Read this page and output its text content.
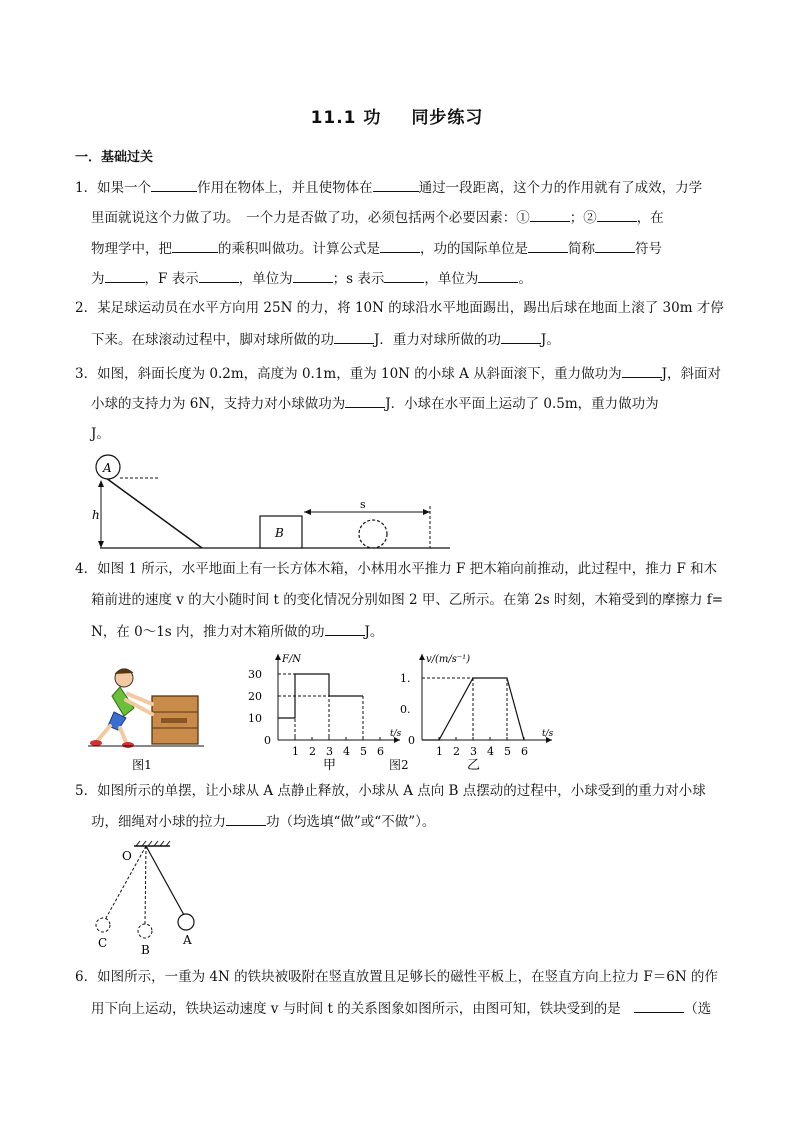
11.1 功 同步练习
一．基础过关
1．如果一个	作用在物体上，并且使物体在	通过一段距离，这个力的作用就有了成效，力学
里面就说这个力做了功。　一个力是否做了功，必须包括两个必要因素：①	；②	，在
物理学中，把	的乘积叫做功。计算公式是	，功的国际单位是	简称	符号
为	，F 表示	，单位为	；s 表示	，单位为	。
2．某足球运动员在水平方向用 25N 的力，将 10N 的球沿水平地面踢出，踢出后球在地面上滚了 30m 才停
下来。在球滚动过程中，脚对球所做的功	J．重力对球所做的功	J。
3．如图，斜面长度为 0.2m，高度为 0.1m，重为 10N 的小球 A 从斜面滚下，重力做功为	J，斜面对
小球的支持力为 6N，支持力对小球做功为	J．小球在水平面上运动了 0.5m，重力做功为
J。
A
h
B
s
4．如图 1 所示，水平地面上有一长方体木箱，小林用水平推力 F 把木箱向前推动，此过程中，推力 F 和木
箱前进的速度 v 的大小随时间 t 的变化情况分别如图 2 甲、乙所示。在第 2s 时刻，木箱受到的摩擦力 f=
N，在 0～1s 内，推力对木箱所做的功	J。
图1
F/N
t/s
0
1 2 3 4 5 6
甲
30
20
10
v/(m/s⁻¹)
t/s
0
1 2 3 4 5 6
乙
1.
0.
图2
5．如图所示的单摆，让小球从 A 点静止释放，小球从 A 点向 B 点摆动的过程中，小球受到的重力对小球
功，细绳对小球的拉力	功（均选填“做”或“不做”）。
O
A
B
C
6．如图所示，一重为 4N 的铁块被吸附在竖直放置且足够长的磁性平板上，在竖直方向上拉力 F＝6N 的作
用下向上运动，铁块运动速度 v 与时间 t 的关系图象如图所示，由图可知，铁块受到的是　	（选
